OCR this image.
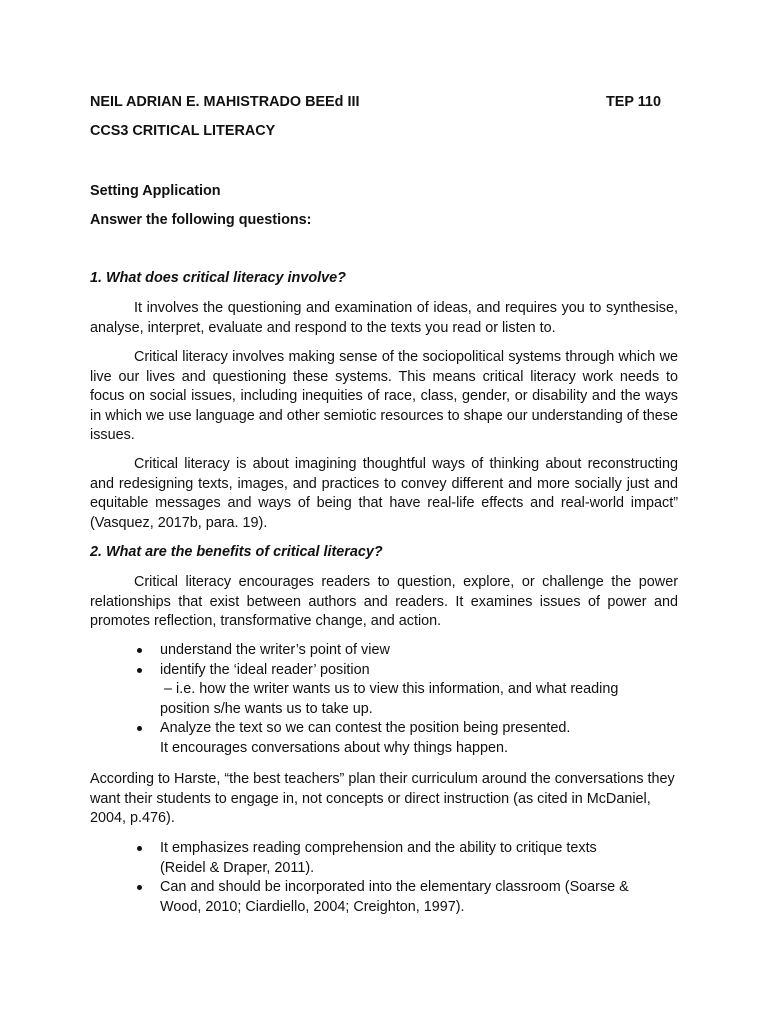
NEIL ADRIAN E. MAHISTRADO BEEd III	TEP 110
CCS3 CRITICAL LITERACY
Setting Application
Answer the following questions:
1. What does critical literacy involve?
It involves the questioning and examination of ideas, and requires you to synthesise, analyse, interpret, evaluate and respond to the texts you read or listen to.
Critical literacy involves making sense of the sociopolitical systems through which we live our lives and questioning these systems. This means critical literacy work needs to focus on social issues, including inequities of race, class, gender, or disability and the ways in which we use language and other semiotic resources to shape our understanding of these issues.
Critical literacy is about imagining thoughtful ways of thinking about reconstructing and redesigning texts, images, and practices to convey different and more socially just and equitable messages and ways of being that have real-life effects and real-world impact” (Vasquez, 2017b, para. 19).
2. What are the benefits of critical literacy?
Critical literacy encourages readers to question, explore, or challenge the power relationships that exist between authors and readers. It examines issues of power and promotes reflection, transformative change, and action.
understand the writer’s point of view
identify the ‘ideal reader’ position
– i.e. how the writer wants us to view this information, and what reading
position s/he wants us to take up.
Analyze the text so we can contest the position being presented.
It encourages conversations about why things happen.
According to Harste, “the best teachers” plan their curriculum around the conversations they want their students to engage in, not concepts or direct instruction (as cited in McDaniel, 2004, p.476).
It emphasizes reading comprehension and the ability to critique texts
(Reidel & Draper, 2011).
Can and should be incorporated into the elementary classroom (Soarse &
Wood, 2010; Ciardiello, 2004; Creighton, 1997).
